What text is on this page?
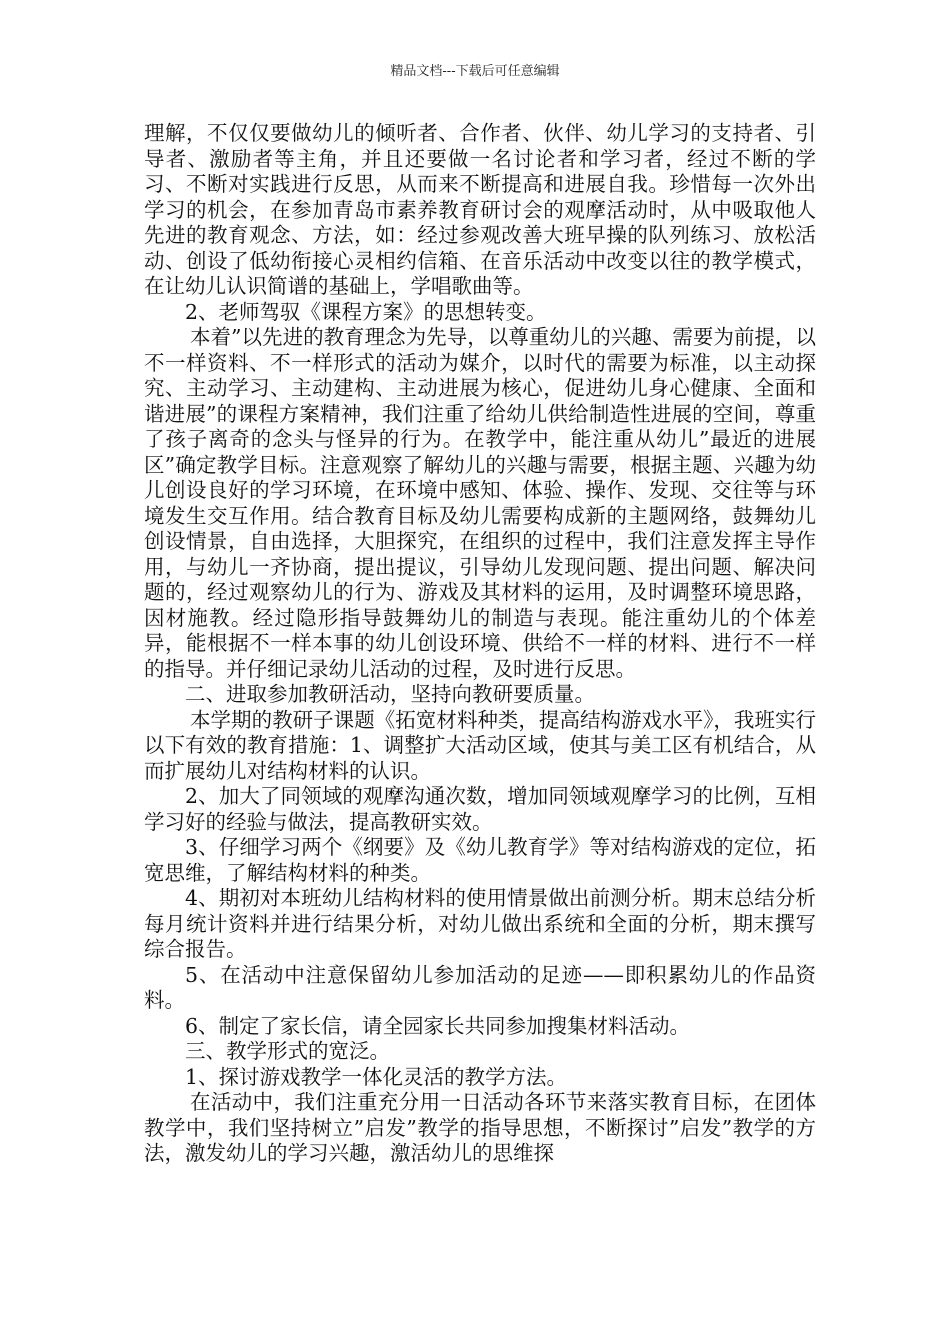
精品文档---下载后可任意编辑

理解，不仅仅要做幼儿的倾听者、合作者、伙伴、幼儿学习的支持者、引导者、激励者等主角，并且还要做一名讨论者和学习者，经过不断的学习、不断对实践进行反思，从而来不断提高和进展自我。珍惜每一次外出学习的机会，在参加青岛市素养教育研讨会的观摩活动时，从中吸取他人先进的教育观念、方法，如：经过参观改善大班早操的队列练习、放松活动、创设了低幼衔接心灵相约信箱、在音乐活动中改变以往的教学模式，在让幼儿认识简谱的基础上，学唱歌曲等。

2、老师驾驭《课程方案》的思想转变。

本着”以先进的教育理念为先导，以尊重幼儿的兴趣、需要为前提，以不一样资料、不一样形式的活动为媒介，以时代的需要为标准，以主动探究、主动学习、主动建构、主动进展为核心，促进幼儿身心健康、全面和谐进展”的课程方案精神，我们注重了给幼儿供给制造性进展的空间，尊重了孩子离奇的念头与怪异的行为。在教学中，能注重从幼儿”最近的进展区”确定教学目标。注意观察了解幼儿的兴趣与需要，根据主题、兴趣为幼儿创设良好的学习环境，在环境中感知、体验、操作、发现、交往等与环境发生交互作用。结合教育目标及幼儿需要构成新的主题网络，鼓舞幼儿创设情景，自由选择，大胆探究，在组织的过程中，我们注意发挥主导作用，与幼儿一齐协商，提出提议，引导幼儿发现问题、提出问题、解决问题的，经过观察幼儿的行为、游戏及其材料的运用，及时调整环境思路，因材施教。经过隐形指导鼓舞幼儿的制造与表现。能注重幼儿的个体差异，能根据不一样本事的幼儿创设环境、供给不一样的材料、进行不一样的指导。并仔细记录幼儿活动的过程，及时进行反思。

二、进取参加教研活动，坚持向教研要质量。

本学期的教研子课题《拓宽材料种类，提高结构游戏水平》，我班实行以下有效的教育措施：1、调整扩大活动区域，使其与美工区有机结合，从而扩展幼儿对结构材料的认识。

2、加大了同领域的观摩沟通次数，增加同领域观摩学习的比例，互相学习好的经验与做法，提高教研实效。

3、仔细学习两个《纲要》及《幼儿教育学》等对结构游戏的定位，拓宽思维，了解结构材料的种类。

4、期初对本班幼儿结构材料的使用情景做出前测分析。期末总结分析每月统计资料并进行结果分析，对幼儿做出系统和全面的分析，期末撰写综合报告。

5、在活动中注意保留幼儿参加活动的足迹——即积累幼儿的作品资料。

6、制定了家长信，请全园家长共同参加搜集材料活动。

三、教学形式的宽泛。

1、探讨游戏教学一体化灵活的教学方法。

在活动中，我们注重充分用一日活动各环节来落实教育目标，在团体教学中，我们坚持树立”启发”教学的指导思想，不断探讨”启发”教学的方法，激发幼儿的学习兴趣，激活幼儿的思维探
